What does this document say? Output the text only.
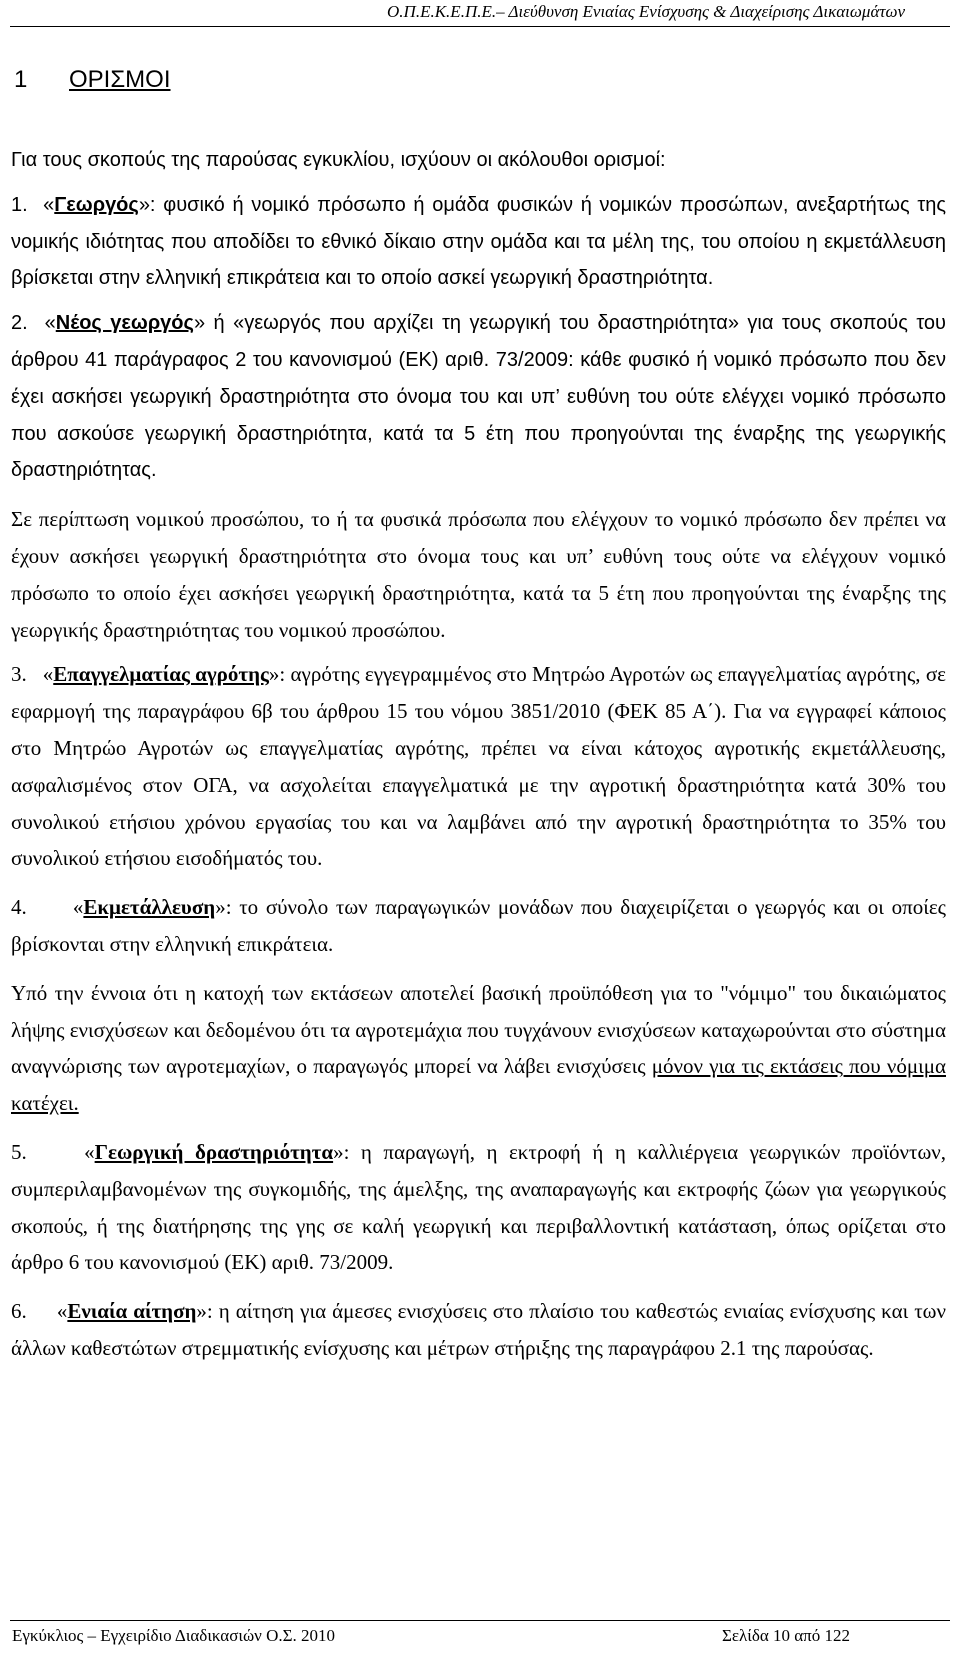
Ο.Π.Ε.Κ.Ε.Π.Ε.– Διεύθυνση Ενιαίας Ενίσχυσης & Διαχείρισης Δικαιωμάτων
1 ΟΡΙΣΜΟΙ

Για τους σκοπούς της παρούσας εγκυκλίου, ισχύουν οι ακόλουθοι ορισμοί:

1.  «Γεωργός»: φυσικό ή νομικό πρόσωπο ή ομάδα φυσικών ή νομικών προσώπων, ανεξαρτήτως της νομικής ιδιότητας που αποδίδει το εθνικό δίκαιο στην ομάδα και τα μέλη της, του οποίου η εκμετάλλευση βρίσκεται στην ελληνική επικράτεια και το οποίο ασκεί γεωργική δραστηριότητα.

2.  «Νέος γεωργός» ή «γεωργός που αρχίζει τη γεωργική του δραστηριότητα» για τους σκοπούς του άρθρου 41 παράγραφος 2 του κανονισμού (ΕΚ) αριθ. 73/2009: κάθε φυσικό ή νομικό πρόσωπο που δεν έχει ασκήσει γεωργική δραστηριότητα στο όνομα του και υπ’ ευθύνη του ούτε ελέγχει νομικό πρόσωπο που ασκούσε γεωργική δραστηριότητα, κατά τα 5 έτη που προηγούνται της έναρξης της γεωργικής δραστηριότητας.

Σε περίπτωση νομικού προσώπου, το ή τα φυσικά πρόσωπα που ελέγχουν το νομικό πρόσωπο δεν πρέπει να έχουν ασκήσει γεωργική δραστηριότητα στο όνομα τους και υπ’ ευθύνη τους ούτε να ελέγχουν νομικό πρόσωπο το οποίο έχει ασκήσει γεωργική δραστηριότητα, κατά τα 5 έτη που προηγούνται της έναρξης της γεωργικής δραστηριότητας του νομικού προσώπου.

3.   «Επαγγελματίας αγρότης»: αγρότης εγγεγραμμένος στο Μητρώο Αγροτών ως επαγγελματίας αγρότης, σε εφαρμογή της παραγράφου 6β του άρθρου 15 του νόμου 3851/2010 (ΦΕΚ 85 Α΄). Για να εγγραφεί κάποιος στο Μητρώο Αγροτών ως επαγγελματίας αγρότης, πρέπει να είναι κάτοχος αγροτικής εκμετάλλευσης, ασφαλισμένος στον ΟΓΑ, να ασχολείται επαγγελματικά με την αγροτική δραστηριότητα κατά 30% του συνολικού ετήσιου χρόνου εργασίας του και να λαμβάνει από την αγροτική δραστηριότητα το 35% του συνολικού ετήσιου εισοδήματός του.

4.      «Εκμετάλλευση»: το σύνολο των παραγωγικών μονάδων που διαχειρίζεται ο γεωργός και οι οποίες βρίσκονται στην ελληνική επικράτεια.

Υπό την έννοια ότι η κατοχή των εκτάσεων αποτελεί βασική προϋπόθεση για το "νόμιμο" του δικαιώματος λήψης ενισχύσεων και δεδομένου ότι τα αγροτεμάχια που τυγχάνουν ενισχύσεων καταχωρούνται στο σύστημα αναγνώρισης των αγροτεμαχίων, ο παραγωγός μπορεί να λάβει ενισχύσεις μόνον για τις εκτάσεις που νόμιμα κατέχει.

5.     «Γεωργική δραστηριότητα»: η παραγωγή, η εκτροφή ή η καλλιέργεια γεωργικών προϊόντων, συμπεριλαμβανομένων της συγκομιδής, της άμελξης, της αναπαραγωγής και εκτροφής ζώων για γεωργικούς σκοπούς, ή της διατήρησης της γης σε καλή γεωργική και περιβαλλοντική κατάσταση, όπως ορίζεται στο άρθρο 6 του κανονισμού (ΕΚ) αριθ. 73/2009.

6.     «Ενιαία αίτηση»: η αίτηση για άμεσες ενισχύσεις στο πλαίσιο του καθεστώς ενιαίας ενίσχυσης και των άλλων καθεστώτων στρεμματικής ενίσχυσης και μέτρων στήριξης της παραγράφου 2.1 της παρούσας.

Εγκύκλιος – Εγχειρίδιο Διαδικασιών Ο.Σ. 2010	Σελίδα 10 από 122
